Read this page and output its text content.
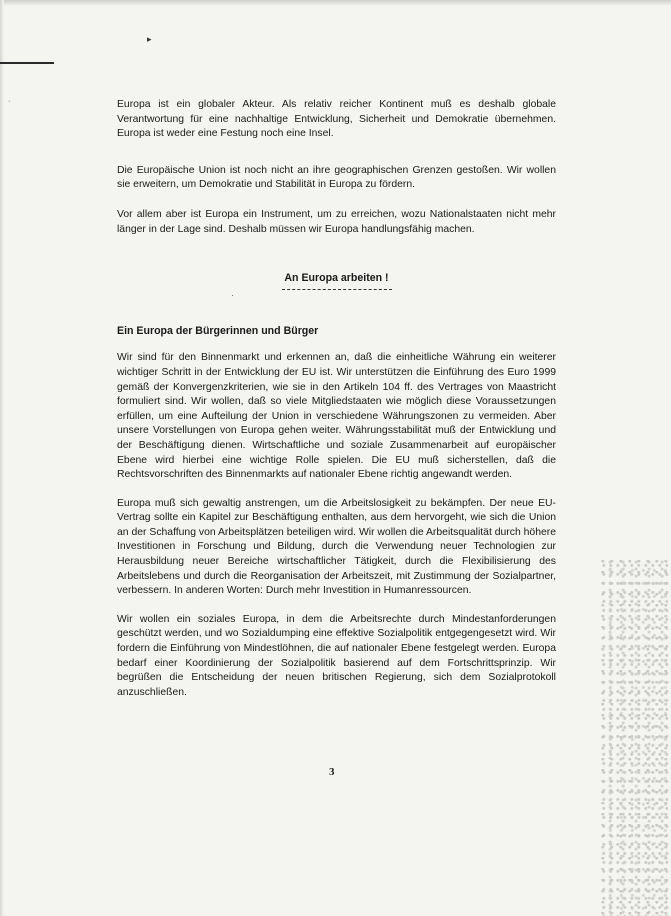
▸
·
·

Europa ist ein globaler Akteur. Als relativ reicher Kontinent muß es deshalb globale Verantwortung für eine nachhaltige Entwicklung, Sicherheit und Demokratie übernehmen. Europa ist weder eine Festung noch eine Insel.

Die Europäische Union ist noch nicht an ihre geographischen Grenzen gestoßen. Wir wollen sie erweitern, um Demokratie und Stabilität in Europa zu fördern.

Vor allem aber ist Europa ein Instrument, um zu erreichen, wozu Nationalstaaten nicht mehr länger in der Lage sind. Deshalb müssen wir Europa handlungsfähig machen.

An Europa arbeiten !
Ein Europa der Bürgerinnen und Bürger

Wir sind für den Binnenmarkt und erkennen an, daß die einheitliche Währung ein weiterer wichtiger Schritt in der Entwicklung der EU ist. Wir unterstützen die Einführung des Euro 1999 gemäß der Konvergenzkriterien, wie sie in den Artikeln 104 ff. des Vertrages von Maastricht formuliert sind. Wir wollen, daß so viele Mitgliedstaaten wie möglich diese Voraussetzungen erfüllen, um eine Aufteilung der Union in verschiedene Währungszonen zu vermeiden. Aber unsere Vorstellungen von Europa gehen weiter. Währungsstabilität muß der Entwicklung und der Beschäftigung dienen. Wirtschaftliche und soziale Zusammenarbeit auf europäischer Ebene wird hierbei eine wichtige Rolle spielen. Die EU muß sicherstellen, daß die Rechtsvorschriften des Binnenmarkts auf nationaler Ebene richtig angewandt werden.

Europa muß sich gewaltig anstrengen, um die Arbeitslosigkeit zu bekämpfen. Der neue EU-Vertrag sollte ein Kapitel zur Beschäftigung enthalten, aus dem hervorgeht, wie sich die Union an der Schaffung von Arbeitsplätzen beteiligen wird. Wir wollen die Arbeitsqualität durch höhere Investitionen in Forschung und Bildung, durch die Verwendung neuer Technologien zur Herausbildung neuer Bereiche wirtschaftlicher Tätigkeit, durch die Flexibilisierung des Arbeitslebens und durch die Reorganisation der Arbeitszeit, mit Zustimmung der Sozialpartner, verbessern. In anderen Worten: Durch mehr Investition in Humanressourcen.

Wir wollen ein soziales Europa, in dem die Arbeitsrechte durch Mindestanforderungen geschützt werden, und wo Sozialdumping eine effektive Sozialpolitik entgegengesetzt wird. Wir fordern die Einführung von Mindestlöhnen, die auf nationaler Ebene festgelegt werden. Europa bedarf einer Koordinierung der Sozialpolitik basierend auf dem Fortschrittsprinzip. Wir begrüßen die Entscheidung der neuen britischen Regierung, sich dem Sozialprotokoll anzuschließen.

3
